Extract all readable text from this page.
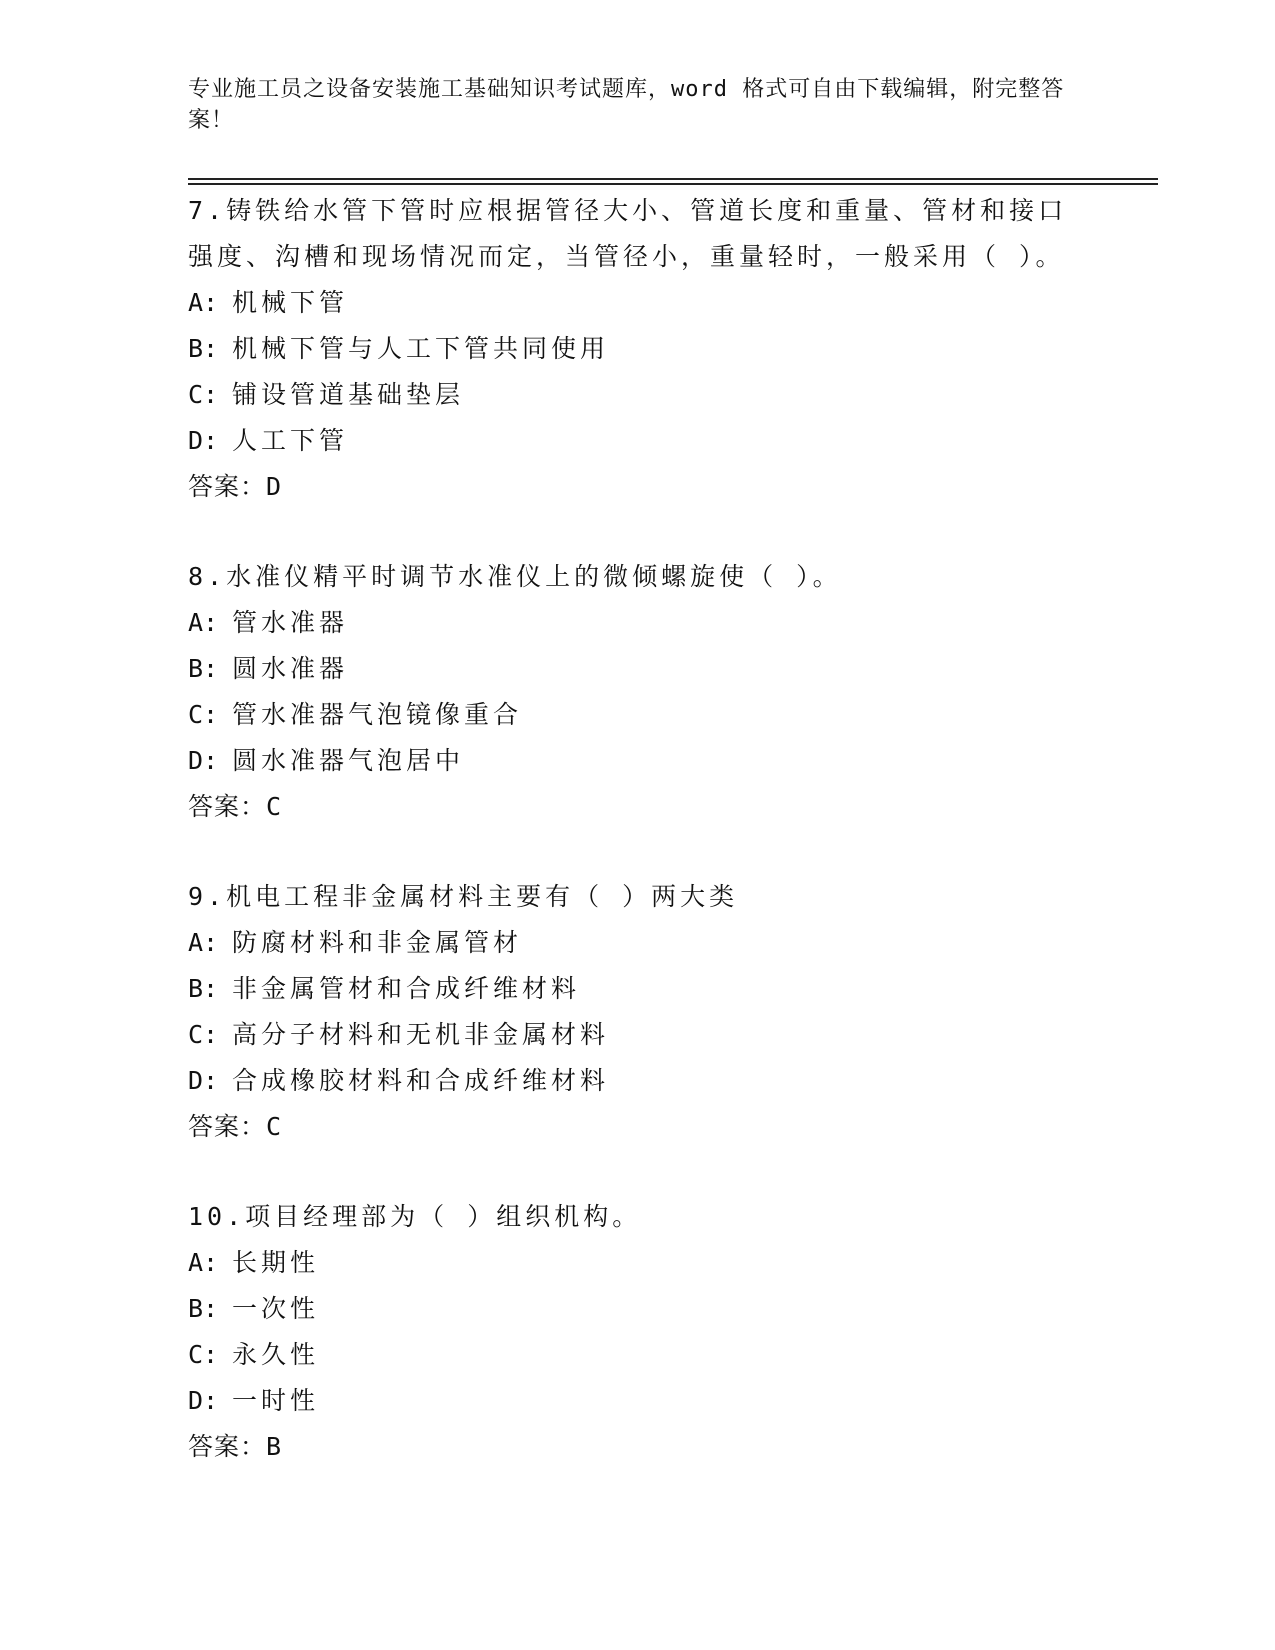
专业施工员之设备安装施工基础知识考试题库，word 格式可自由下载编辑，附完整答案！

7.铸铁给水管下管时应根据管径大小、管道长度和重量、管材和接口强度、沟槽和现场情况而定，当管径小，重量轻时，一般采用（ ）。

A: 机械下管

B: 机械下管与人工下管共同使用

C: 铺设管道基础垫层

D: 人工下管

答案：D

8.水准仪精平时调节水准仪上的微倾螺旋使（ ）。

A: 管水准器

B: 圆水准器

C: 管水准器气泡镜像重合

D: 圆水准器气泡居中

答案：C

9.机电工程非金属材料主要有（ ）两大类

A: 防腐材料和非金属管材

B: 非金属管材和合成纤维材料

C: 高分子材料和无机非金属材料

D: 合成橡胶材料和合成纤维材料

答案：C

10.项目经理部为（ ）组织机构。

A: 长期性

B: 一次性

C: 永久性

D: 一时性

答案：B
